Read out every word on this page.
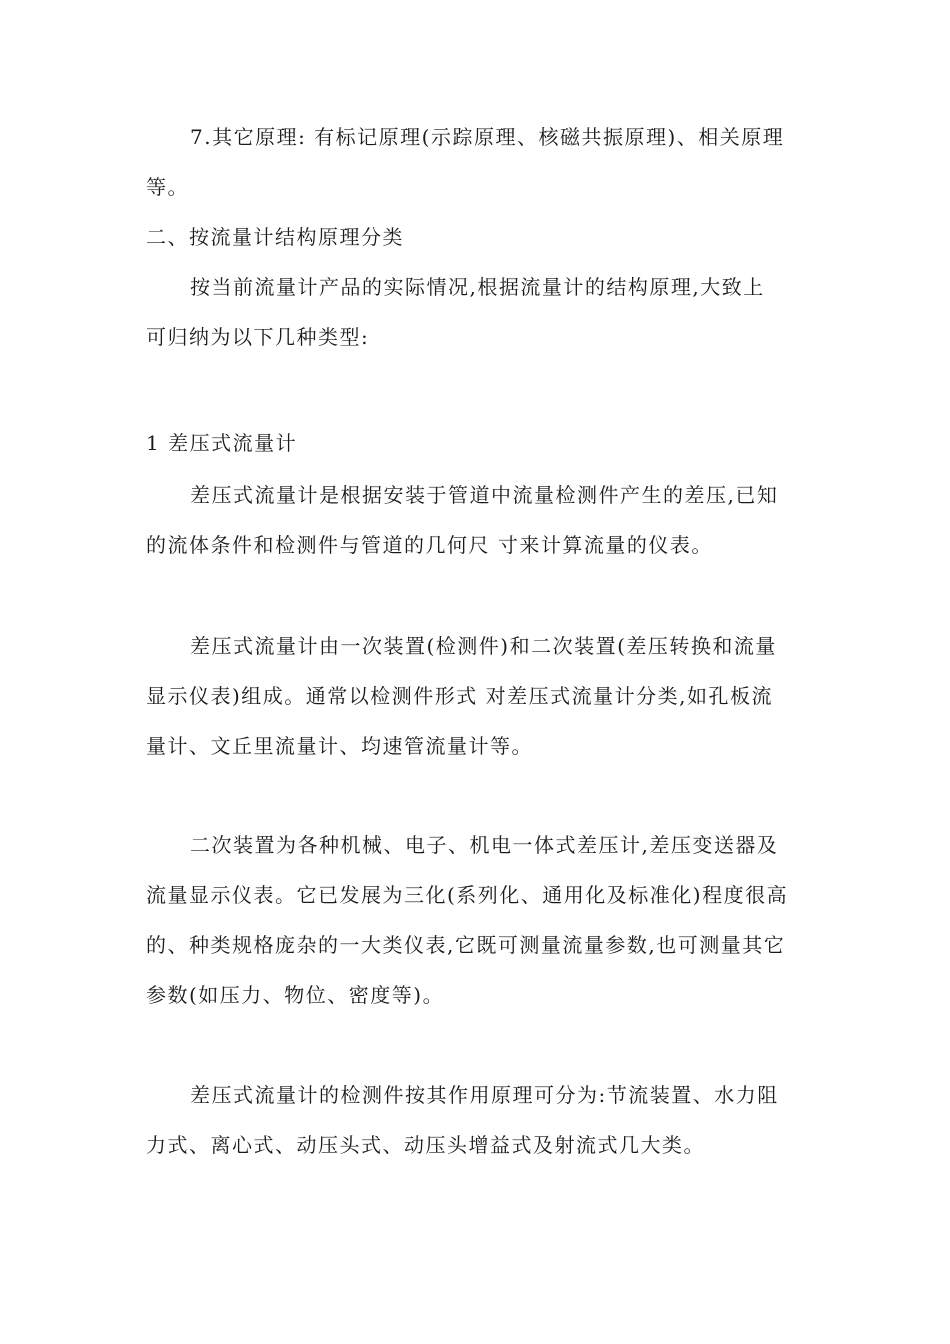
7.其它原理: 有标记原理(示踪原理、核磁共振原理)、相关原理
等。
二、按流量计结构原理分类
按当前流量计产品的实际情况,根据流量计的结构原理,大致上
可归纳为以下几种类型:
1 差压式流量计
差压式流量计是根据安装于管道中流量检测件产生的差压,已知
的流体条件和检测件与管道的几何尺 寸来计算流量的仪表。
差压式流量计由一次装置(检测件)和二次装置(差压转换和流量
显示仪表)组成。通常以检测件形式 对差压式流量计分类,如孔板流
量计、文丘里流量计、均速管流量计等。
二次装置为各种机械、电子、机电一体式差压计,差压变送器及
流量显示仪表。它已发展为三化(系列化、通用化及标准化)程度很高
的、种类规格庞杂的一大类仪表,它既可测量流量参数,也可测量其它
参数(如压力、物位、密度等)。
差压式流量计的检测件按其作用原理可分为:节流装置、水力阻
力式、离心式、动压头式、动压头增益式及射流式几大类。
